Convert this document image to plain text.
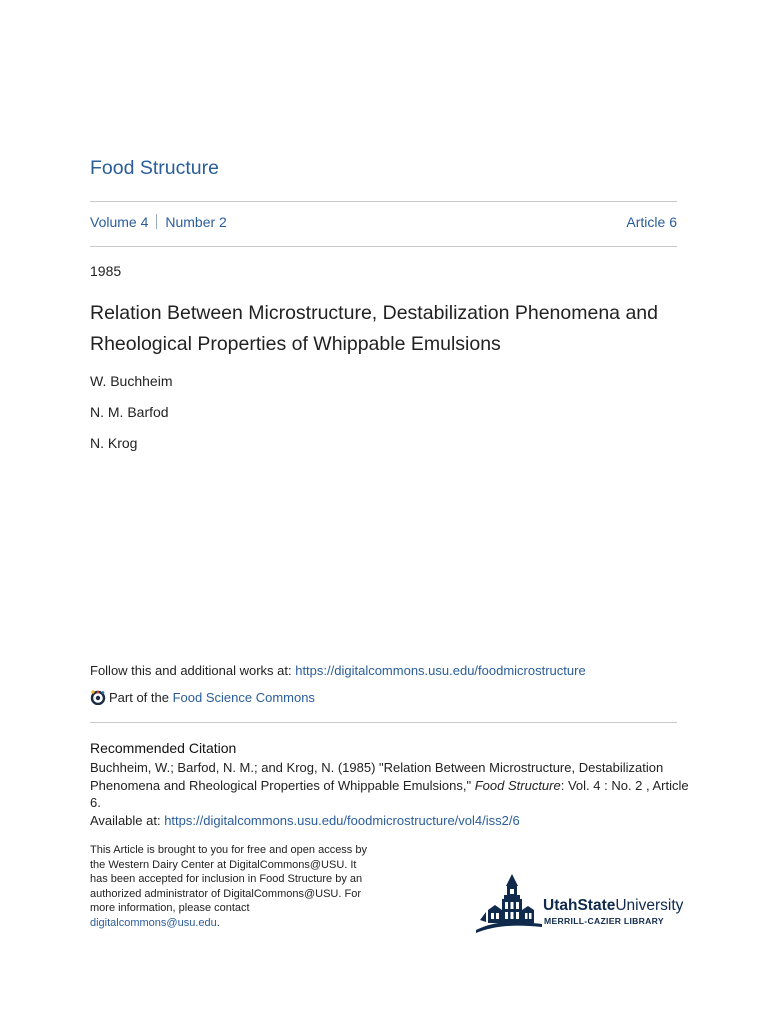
Food Structure
Volume 4 Number 2	Article 6
1985
Relation Between Microstructure, Destabilization Phenomena and
Rheological Properties of Whippable Emulsions
W. Buchheim
N. M. Barfod
N. Krog
Follow this and additional works at: https://digitalcommons.usu.edu/foodmicrostructure
Part of the Food Science Commons
Recommended Citation
Buchheim, W.; Barfod, N. M.; and Krog, N. (1985) "Relation Between Microstructure, Destabilization
Phenomena and Rheological Properties of Whippable Emulsions," Food Structure: Vol. 4 : No. 2 , Article 6.
Available at: https://digitalcommons.usu.edu/foodmicrostructure/vol4/iss2/6
This Article is brought to you for free and open access by
the Western Dairy Center at DigitalCommons@USU. It
has been accepted for inclusion in Food Structure by an
authorized administrator of DigitalCommons@USU. For
more information, please contact
digitalcommons@usu.edu.
UtahStateUniversity
MERRILL-CAZIER LIBRARY
